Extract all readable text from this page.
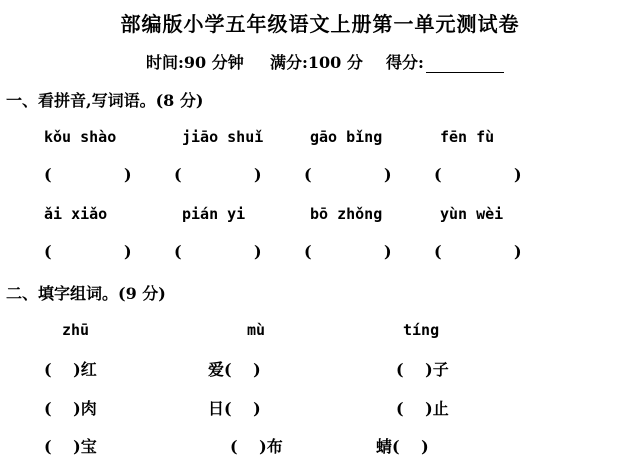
部编版小学五年级语文上册第一单元测试卷
时间:90 分钟 满分:100 分 得分:
一、看拼音,写词语。(8 分)
kǒu shào	jiāo shuǐ	gāo bǐng	fēn fù
(	)	(	)	(	)	(	)
ǎi xiǎo	pián yi	bō zhǒng	yùn wèi
(	)	(	)	(	)	(	)
二、填字组词。(9 分)
zhū	mù	tíng
(　 )红	爱(　 )	(　 )子
(　 )肉	日(　 )	(　 )止
(　 )宝	(　 )布	蜻(　 )
